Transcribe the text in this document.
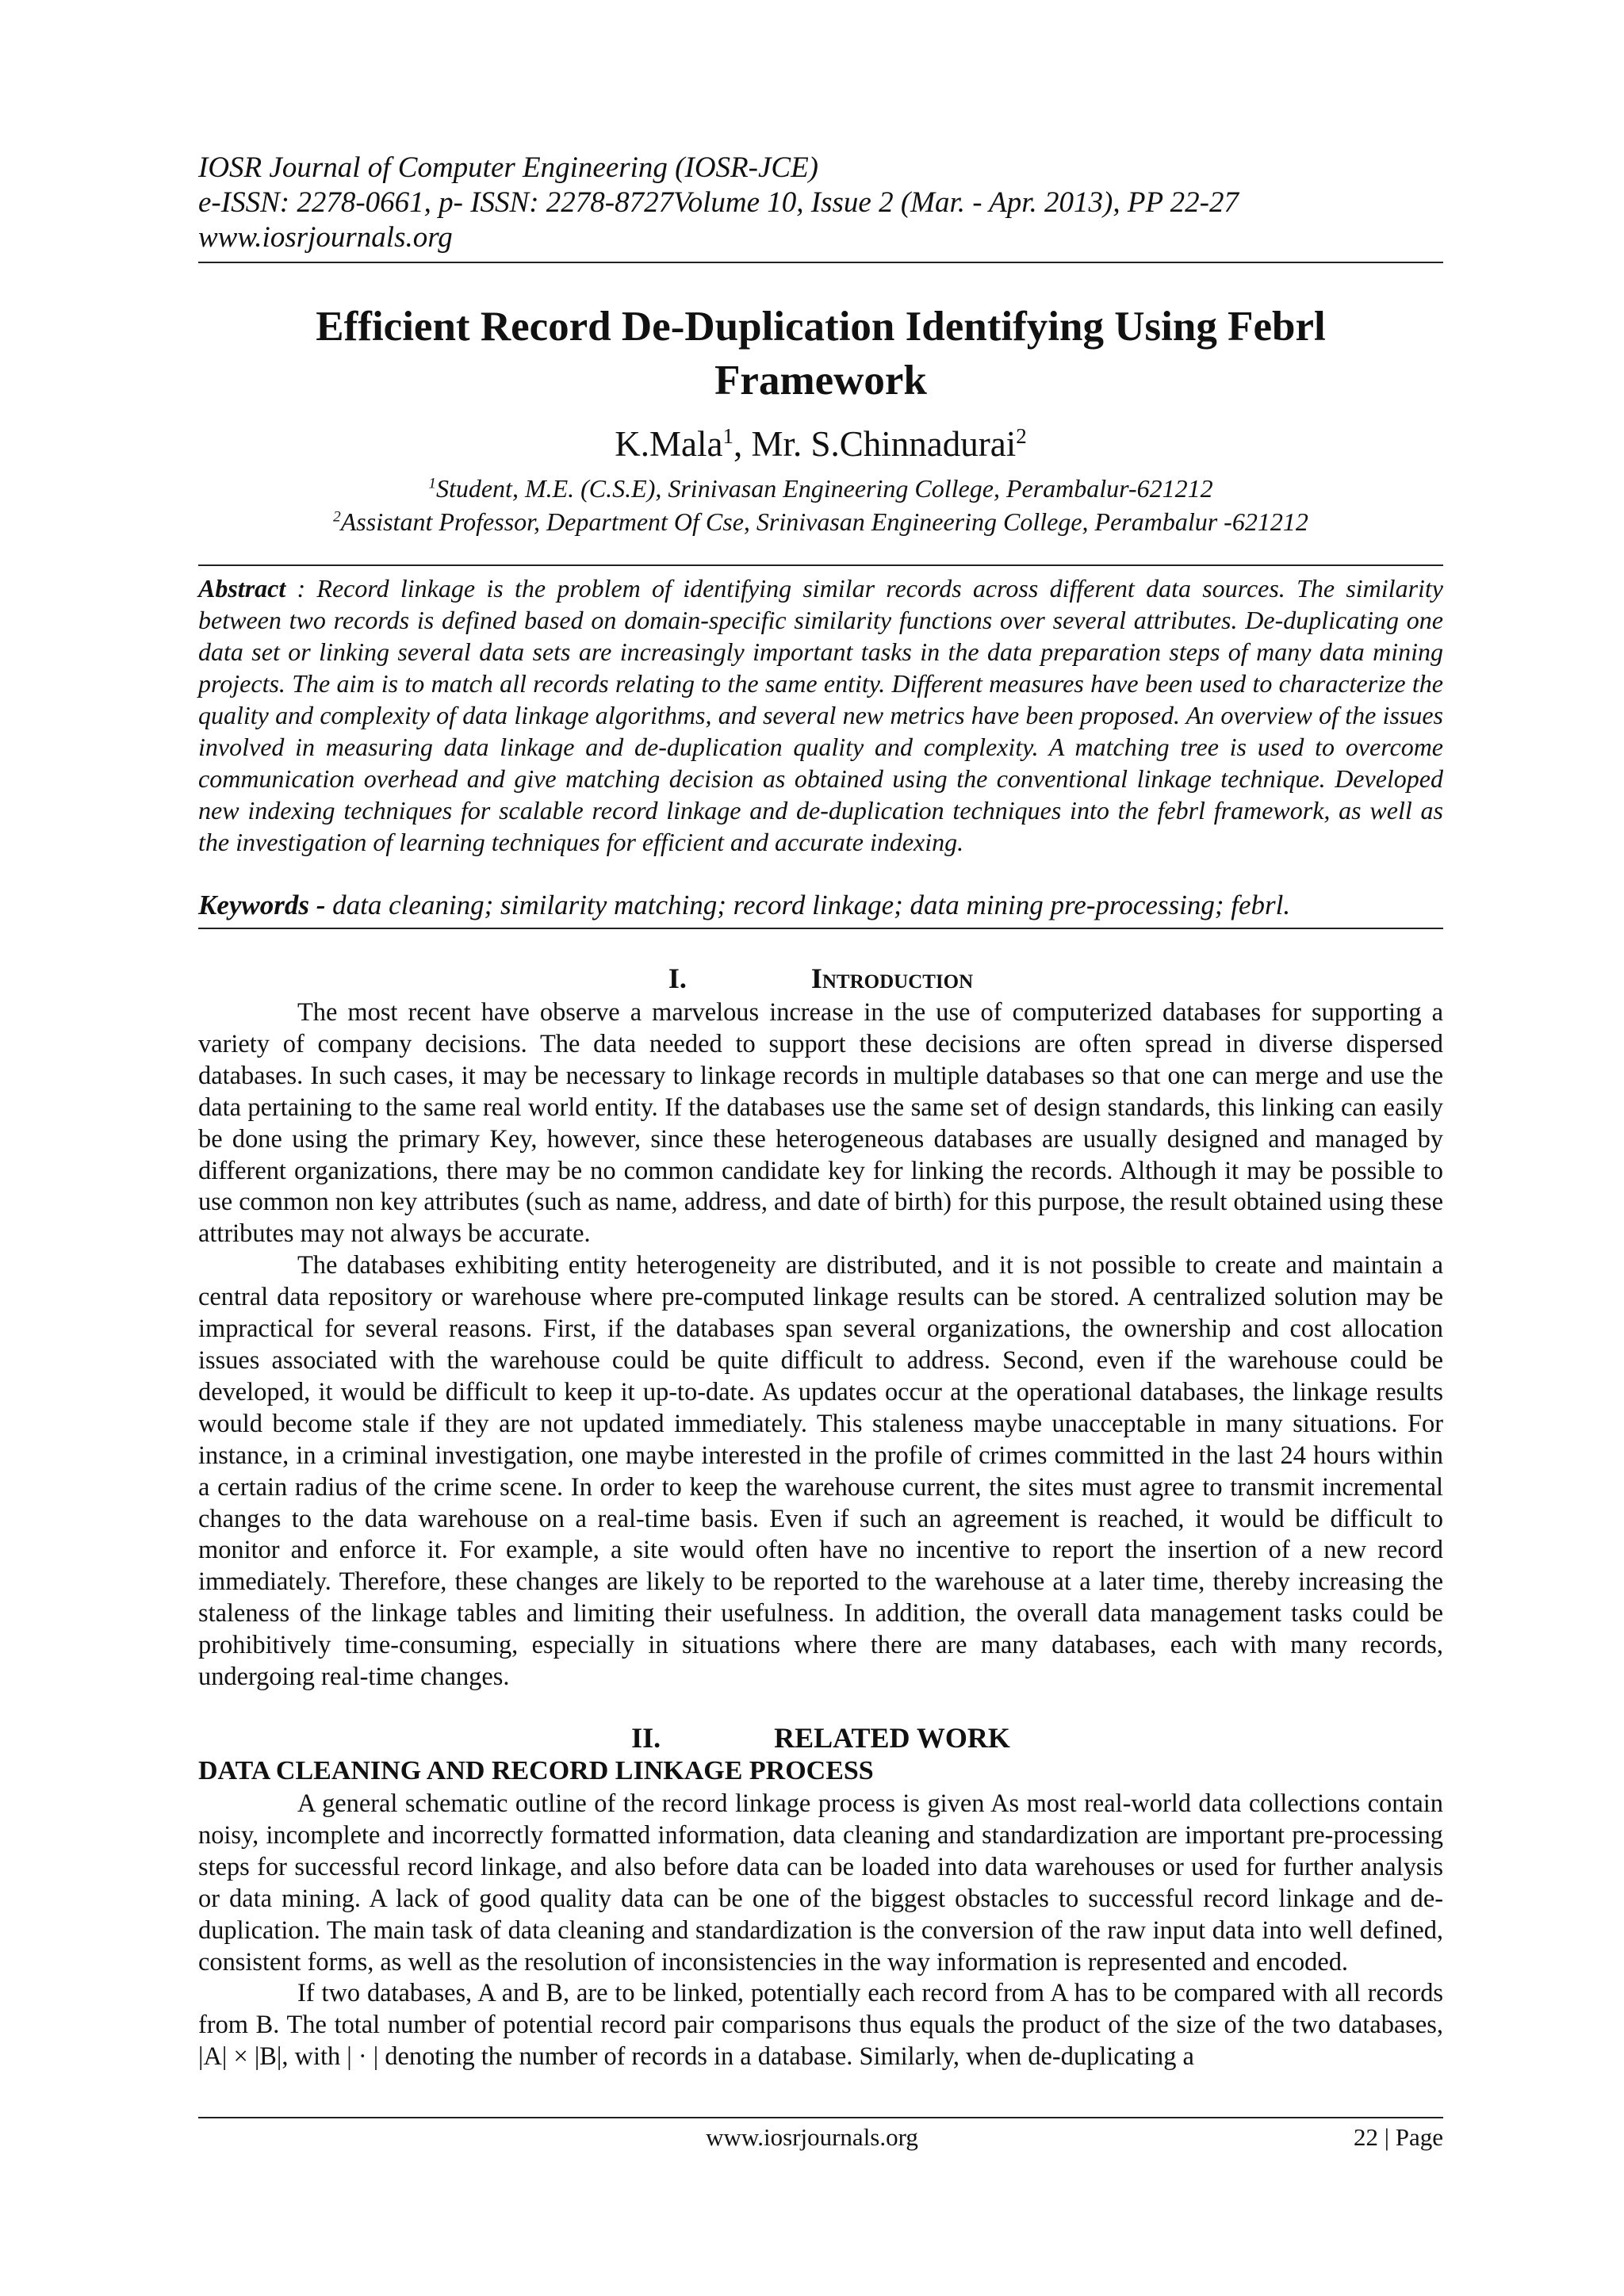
IOSR Journal of Computer Engineering (IOSR-JCE)
e-ISSN: 2278-0661, p- ISSN: 2278-8727Volume 10, Issue 2 (Mar. - Apr. 2013), PP 22-27
www.iosrjournals.org
Efficient Record De-Duplication Identifying Using Febrl
Framework
K.Mala$^1$, Mr. S.Chinnadurai$^2$
$^1$Student, M.E. (C.S.E), Srinivasan Engineering College, Perambalur-621212
$^2$Assistant Professor, Department Of Cse, Srinivasan Engineering College, Perambalur -621212
Abstract : Record linkage is the problem of identifying similar records across different data sources. The similarity between two records is defined based on domain-specific similarity functions over several attributes. De-duplicating one data set or linking several data sets are increasingly important tasks in the data preparation steps of many data mining projects. The aim is to match all records relating to the same entity. Different measures have been used to characterize the quality and complexity of data linkage algorithms, and several new metrics have been proposed. An overview of the issues involved in measuring data linkage and de-duplication quality and complexity. A matching tree is used to overcome communication overhead and give matching decision as obtained using the conventional linkage technique. Developed new indexing techniques for scalable record linkage and de-duplication techniques into the febrl framework, as well as the investigation of learning techniques for efficient and accurate indexing.
Keywords - data cleaning; similarity matching; record linkage; data mining pre-processing; febrl.
I.	Introduction

The most recent have observe a marvelous increase in the use of computerized databases for supporting a variety of company decisions. The data needed to support these decisions are often spread in diverse dispersed databases. In such cases, it may be necessary to linkage records in multiple databases so that one can merge and use the data pertaining to the same real world entity. If the databases use the same set of design standards, this linking can easily be done using the primary Key, however, since these heterogeneous databases are usually designed and managed by different organizations, there may be no common candidate key for linking the records. Although it may be possible to use common non key attributes (such as name, address, and date of birth) for this purpose, the result obtained using these attributes may not always be accurate.

The databases exhibiting entity heterogeneity are distributed, and it is not possible to create and maintain a central data repository or warehouse where pre-computed linkage results can be stored. A centralized solution may be impractical for several reasons. First, if the databases span several organizations, the ownership and cost allocation issues associated with the warehouse could be quite difficult to address. Second, even if the warehouse could be developed, it would be difficult to keep it up-to-date. As updates occur at the operational databases, the linkage results would become stale if they are not updated immediately. This staleness maybe unacceptable in many situations. For instance, in a criminal investigation, one maybe interested in the profile of crimes committed in the last 24 hours within a certain radius of the crime scene. In order to keep the warehouse current, the sites must agree to transmit incremental changes to the data warehouse on a real-time basis. Even if such an agreement is reached, it would be difficult to monitor and enforce it. For example, a site would often have no incentive to report the insertion of a new record immediately. Therefore, these changes are likely to be reported to the warehouse at a later time, thereby increasing the staleness of the linkage tables and limiting their usefulness. In addition, the overall data management tasks could be prohibitively time-consuming, especially in situations where there are many databases, each with many records, undergoing real-time changes.

II.	RELATED WORK
DATA CLEANING AND RECORD LINKAGE PROCESS

A general schematic outline of the record linkage process is given As most real-world data collections contain noisy, incomplete and incorrectly formatted information, data cleaning and standardization are important pre-processing steps for successful record linkage, and also before data can be loaded into data warehouses or used for further analysis or data mining. A lack of good quality data can be one of the biggest obstacles to successful record linkage and de-duplication. The main task of data cleaning and standardization is the conversion of the raw input data into well defined, consistent forms, as well as the resolution of inconsistencies in the way information is represented and encoded.

If two databases, A and B, are to be linked, potentially each record from A has to be compared with all records from B. The total number of potential record pair comparisons thus equals the product of the size of the two databases, |A| × |B|, with | · | denoting the number of records in a database. Similarly, when de-duplicating a

www.iosrjournals.org	22 | Page
